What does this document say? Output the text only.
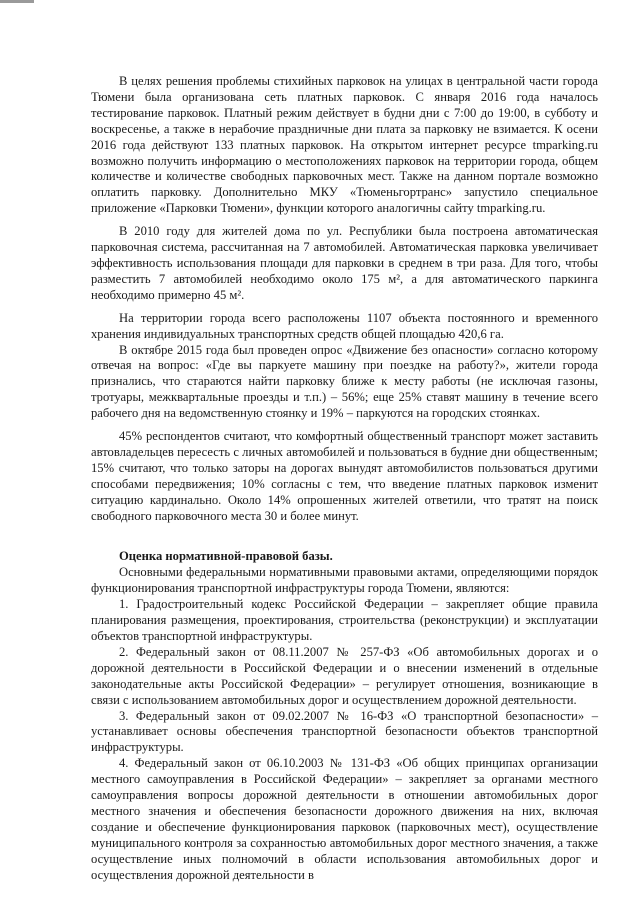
В целях решения проблемы стихийных парковок на улицах в центральной части города Тюмени была организована сеть платных парковок. С января 2016 года началось тестирование парковок. Платный режим действует в будни дни с 7:00 до 19:00, в субботу и воскресенье, а также в нерабочие праздничные дни плата за парковку не взимается. К осени 2016 года действуют 133 платных парковок. На открытом интернет ресурсе tmparking.ru возможно получить информацию о местоположениях парковок на территории города, общем количестве и количестве свободных парковочных мест. Также на данном портале возможно оплатить парковку. Дополнительно МКУ «Тюменьгортранс» запустило специальное приложение «Парковки Тюмени», функции которого аналогичны сайту tmparking.ru.

В 2010 году для жителей дома по ул. Республики была построена автоматическая парковочная система, рассчитанная на 7 автомобилей. Автоматическая парковка увеличивает эффективность использования площади для парковки в среднем в три раза. Для того, чтобы разместить 7 автомобилей необходимо около 175 м², а для автоматического паркинга необходимо примерно 45 м².

На территории города всего расположены 1107 объекта постоянного и временного хранения индивидуальных транспортных средств общей площадью 420,6 га.

В октябре 2015 года был проведен опрос «Движение без опасности» согласно которому отвечая на вопрос: «Где вы паркуете машину при поездке на работу?», жители города признались, что стараются найти парковку ближе к месту работы (не исключая газоны, тротуары, межквартальные проезды и т.п.) – 56%; еще 25% ставят машину в течение всего рабочего дня на ведомственную стоянку и 19% – паркуются на городских стоянках.

45% респондентов считают, что комфортный общественный транспорт может заставить автовладельцев пересесть с личных автомобилей и пользоваться в будние дни общественным; 15% считают, что только заторы на дорогах вынудят автомобилистов пользоваться другими способами передвижения; 10% согласны с тем, что введение платных парковок изменит ситуацию кардинально. Около 14% опрошенных жителей ответили, что тратят на поиск свободного парковочного места 30 и более минут.

Оценка нормативной-правовой базы.

Основными федеральными нормативными правовыми актами, определяющими порядок функционирования транспортной инфраструктуры города Тюмени, являются:

1. Градостроительный кодекс Российской Федерации – закрепляет общие правила планирования размещения, проектирования, строительства (реконструкции) и эксплуатации объектов транспортной инфраструктуры.

2. Федеральный закон от 08.11.2007 № 257-ФЗ «Об автомобильных дорогах и о дорожной деятельности в Российской Федерации и о внесении изменений в отдельные законодательные акты Российской Федерации» – регулирует отношения, возникающие в связи с использованием автомобильных дорог и осуществлением дорожной деятельности.

3. Федеральный закон от 09.02.2007 № 16-ФЗ «О транспортной безопасности» – устанавливает основы обеспечения транспортной безопасности объектов транспортной инфраструктуры.

4. Федеральный закон от 06.10.2003 № 131-ФЗ «Об общих принципах организации местного самоуправления в Российской Федерации» – закрепляет за органами местного самоуправления вопросы дорожной деятельности в отношении автомобильных дорог местного значения и обеспечения безопасности дорожного движения на них, включая создание и обеспечение функционирования парковок (парковочных мест), осуществление муниципального контроля за сохранностью автомобильных дорог местного значения, а также осуществление иных полномочий в области использования автомобильных дорог и осуществления дорожной деятельности в
